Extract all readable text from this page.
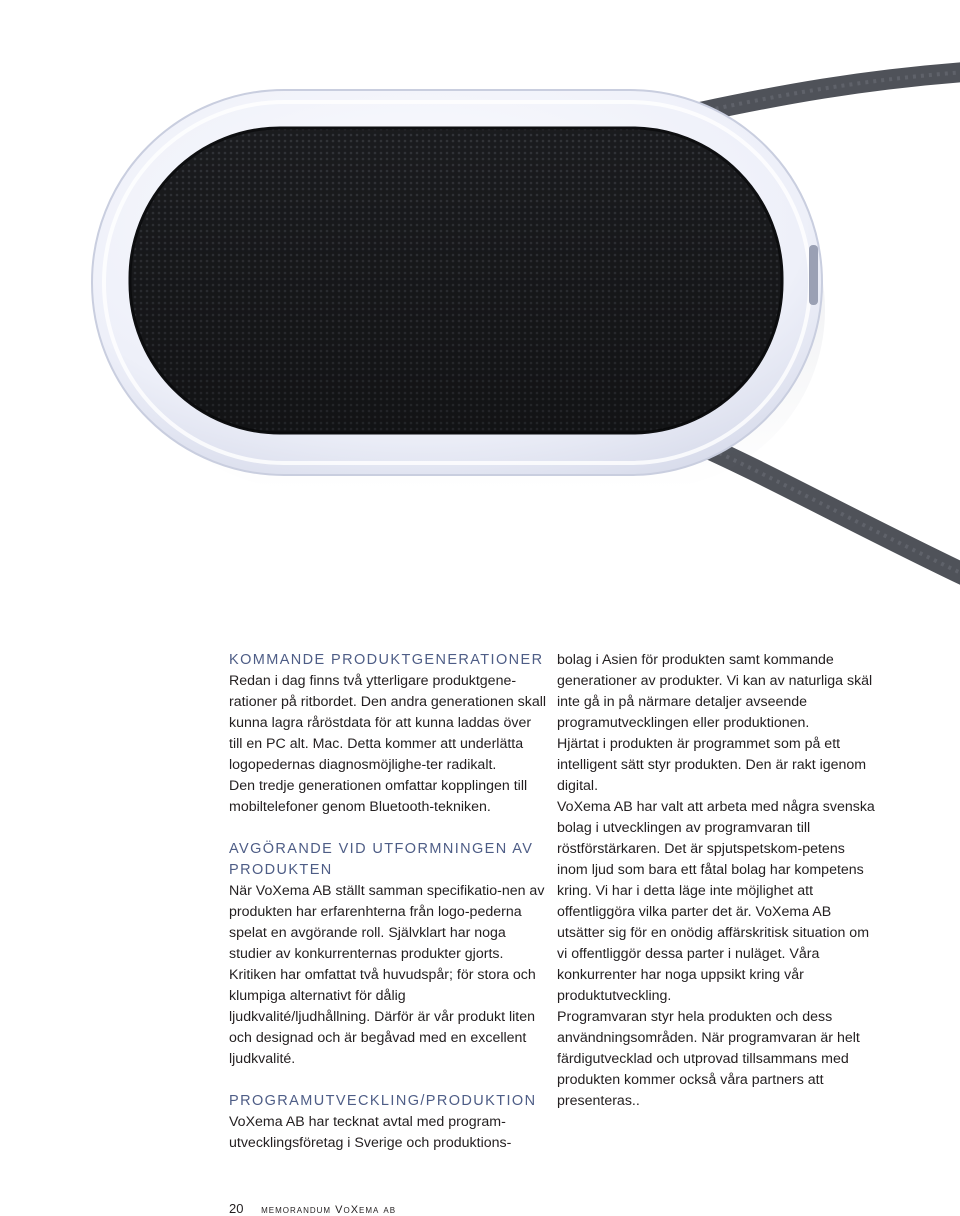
KOMMANDE PRODUKTGENERATIONER

Redan i dag finns två ytterligare produktgene-rationer på ritbordet. Den andra generationen skall kunna lagra råröstdata för att kunna laddas över till en PC alt. Mac. Detta kommer att underlätta logopedernas diagnosmöjlighe-ter radikalt.

Den tredje generationen omfattar kopplingen till mobiltelefoner genom Bluetooth-tekniken.

AVGÖRANDE VID UTFORMNINGEN AV PRODUKTEN

När VoXema AB ställt samman specifikatio-nen av produkten har erfarenhterna från logo-pederna spelat en avgörande roll. Självklart har noga studier av konkurrenternas produkter gjorts. Kritiken har omfattat två huvudspår; för stora och klumpiga alternativt för dålig ljudkvalité/ljudhållning. Därför är vår produkt liten och designad och är begåvad med en excellent ljudkvalité.

PROGRAMUTVECKLING/PRODUKTION

VoXema AB har tecknat avtal med program-utvecklingsföretag i Sverige och produktions-

bolag i Asien för produkten samt kommande generationer av produkter. Vi kan av naturliga skäl inte gå in på närmare detaljer avseende programutvecklingen eller produktionen.

Hjärtat i produkten är programmet som på ett intelligent sätt styr produkten. Den är rakt igenom digital.

VoXema AB har valt att arbeta med några svenska bolag i utvecklingen av programvaran till röstförstärkaren. Det är spjutspetskom-petens inom ljud som bara ett fåtal bolag har kompetens kring. Vi har i detta läge inte möjlighet att offentliggöra vilka parter det är. VoXema AB utsätter sig för en onödig affärskritisk situation om vi offentliggör dessa parter i nuläget. Våra konkurrenter har noga uppsikt kring vår produktutveckling.

Programvaran styr hela produkten och dess användningsområden. När programvaran är helt färdigutvecklad och utprovad tillsammans med produkten kommer också våra partners att presenteras..

20 memorandum VoXema ab
